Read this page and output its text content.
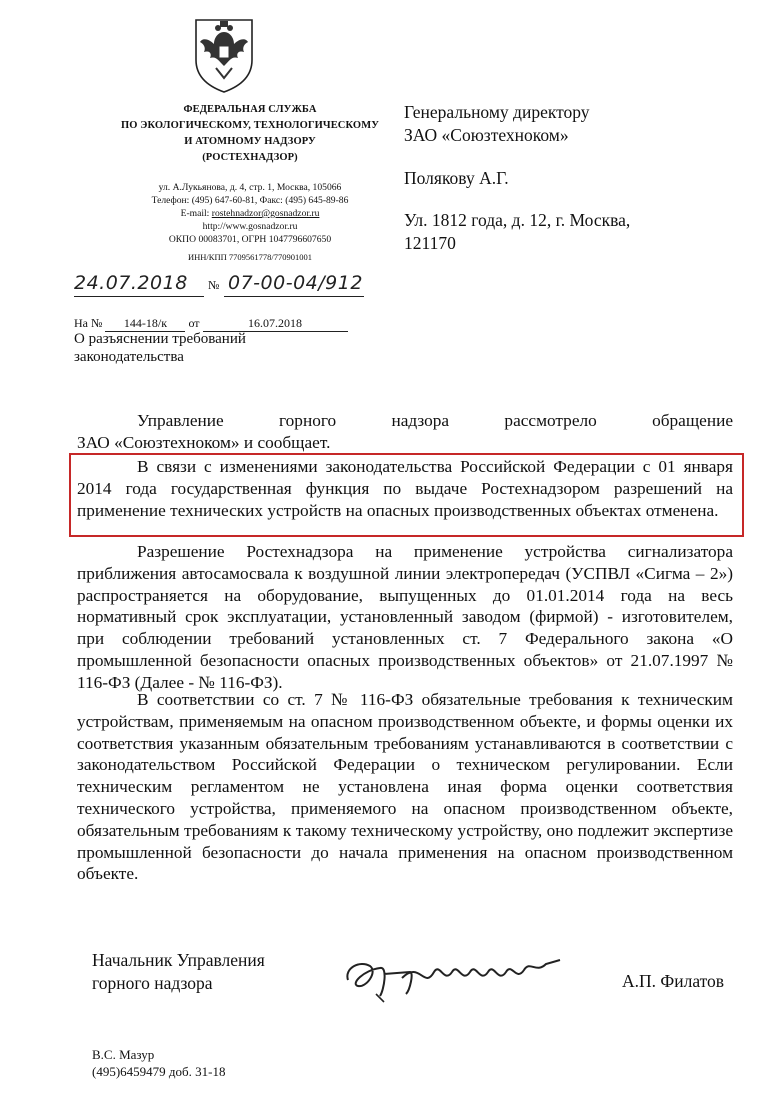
ФЕДЕРАЛЬНАЯ СЛУЖБА
ПО ЭКОЛОГИЧЕСКОМУ, ТЕХНОЛОГИЧЕСКОМУ
И АТОМНОМУ НАДЗОРУ
(РОСТЕХНАДЗОР)
ул. А.Лукьянова, д. 4, стр. 1, Москва, 105066
Телефон: (495) 647-60-81, Факс: (495) 645-89-86
E-mail: rostehnadzor@gosnadzor.ru
http://www.gosnadzor.ru
ОКПО 00083701, ОГРН 1047796607650
ИНН/КПП 7709561778/770901001
24.07.2018 № 07-00-04/912
На № 144-18/к от	16.07.2018
О разъяснении требований законодательства
Генеральному директору
ЗАО «Союзтехноком»
Полякову А.Г.
Ул. 1812 года, д. 12, г. Москва,
121170
Управление горного надзора рассмотрело обращение
ЗАО «Союзтехноком» и сообщает.
В связи с изменениями законодательства Российской Федерации с 01 января 2014 года государственная функция по выдаче Ростехнадзором разрешений на применение технических устройств на опасных производственных объектах отменена.
Разрешение Ростехнадзора на применение устройства сигнализатора приближения автосамосвала к воздушной линии электропередач (УСПВЛ «Сигма – 2») распространяется на оборудование, выпущенных до 01.01.2014 года на весь нормативный срок эксплуатации, установленный заводом (фирмой) - изготовителем, при соблюдении требований установленных ст. 7 Федерального закона «О промышленной безопасности опасных производственных объектов» от 21.07.1997 № 116-ФЗ (Далее - № 116-ФЗ).
В соответствии со ст. 7 № 116-ФЗ обязательные требования к техническим устройствам, применяемым на опасном производственном объекте, и формы оценки их соответствия указанным обязательным требованиям устанавливаются в соответствии с законодательством Российской Федерации о техническом регулировании. Если техническим регламентом не установлена иная форма оценки соответствия технического устройства, применяемого на опасном производственном объекте, обязательным требованиям к такому техническому устройству, оно подлежит экспертизе промышленной безопасности до начала применения на опасном производственном объекте.
Начальник Управления
горного надзора	А.П. Филатов
В.С. Мазур
(495)6459479 доб. 31-18
